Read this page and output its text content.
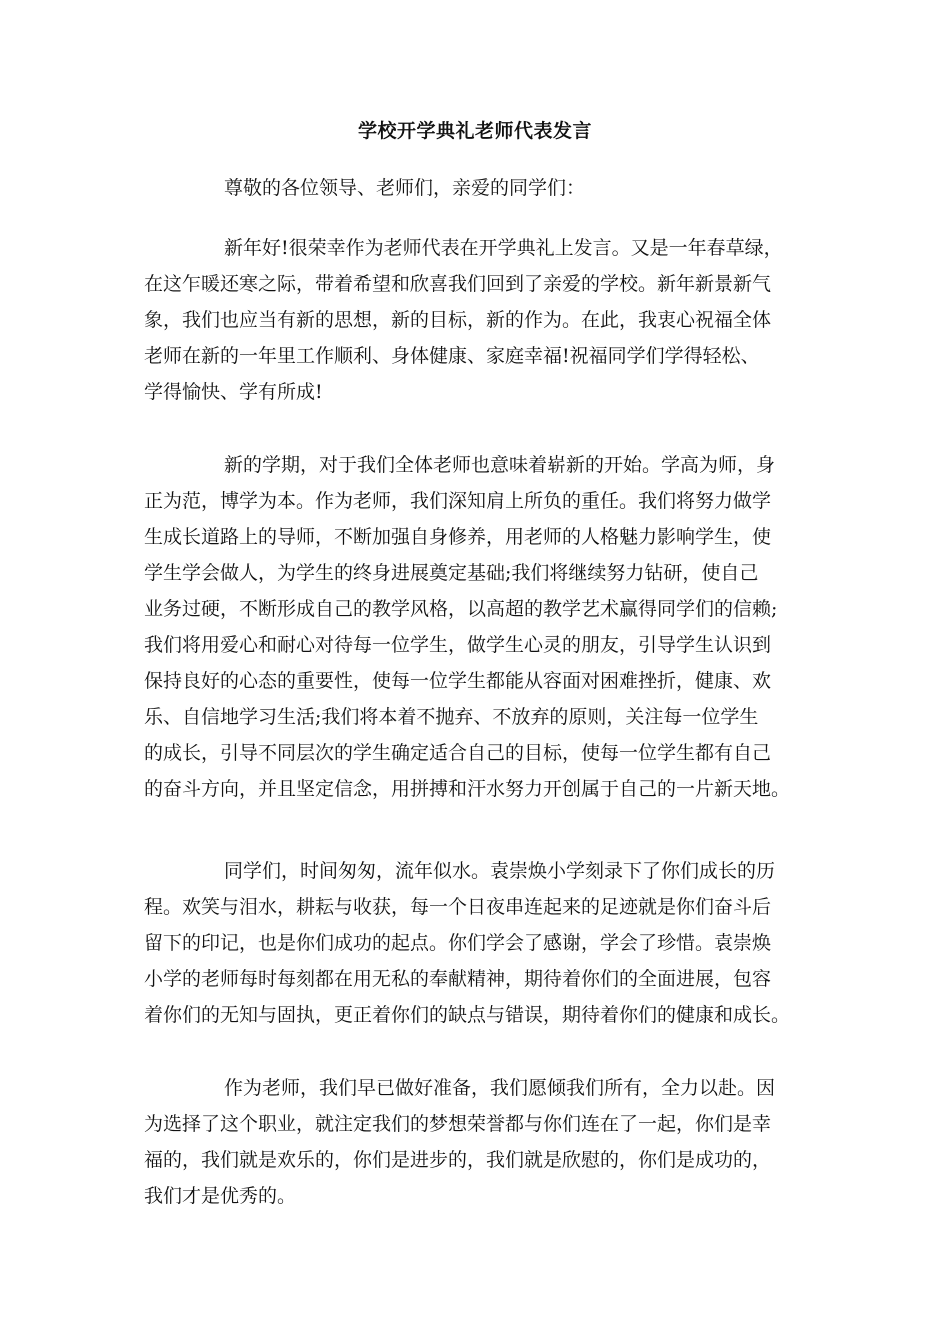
学校开学典礼老师代表发言
尊敬的各位领导、老师们，亲爱的同学们：
新年好!很荣幸作为老师代表在开学典礼上发言。又是一年春草绿，
在这乍暖还寒之际，带着希望和欣喜我们回到了亲爱的学校。新年新景新气
象，我们也应当有新的思想，新的目标，新的作为。在此，我衷心祝福全体
老师在新的一年里工作顺利、身体健康、家庭幸福!祝福同学们学得轻松、
学得愉快、学有所成!
新的学期，对于我们全体老师也意味着崭新的开始。学高为师，身
正为范，博学为本。作为老师，我们深知肩上所负的重任。我们将努力做学
生成长道路上的导师，不断加强自身修养，用老师的人格魅力影响学生，使
学生学会做人，为学生的终身进展奠定基础;我们将继续努力钻研，使自己
业务过硬，不断形成自己的教学风格，以高超的教学艺术赢得同学们的信赖;
我们将用爱心和耐心对待每一位学生，做学生心灵的朋友，引导学生认识到
保持良好的心态的重要性，使每一位学生都能从容面对困难挫折，健康、欢
乐、自信地学习生活;我们将本着不抛弃、不放弃的原则，关注每一位学生
的成长，引导不同层次的学生确定适合自己的目标，使每一位学生都有自己
的奋斗方向，并且坚定信念，用拼搏和汗水努力开创属于自己的一片新天地。
同学们，时间匆匆，流年似水。袁崇焕小学刻录下了你们成长的历
程。欢笑与泪水，耕耘与收获，每一个日夜串连起来的足迹就是你们奋斗后
留下的印记，也是你们成功的起点。你们学会了感谢，学会了珍惜。袁崇焕
小学的老师每时每刻都在用无私的奉献精神，期待着你们的全面进展，包容
着你们的无知与固执，更正着你们的缺点与错误，期待着你们的健康和成长。
作为老师，我们早已做好准备，我们愿倾我们所有，全力以赴。因
为选择了这个职业，就注定我们的梦想荣誉都与你们连在了一起，你们是幸
福的，我们就是欢乐的，你们是进步的，我们就是欣慰的，你们是成功的，
我们才是优秀的。
